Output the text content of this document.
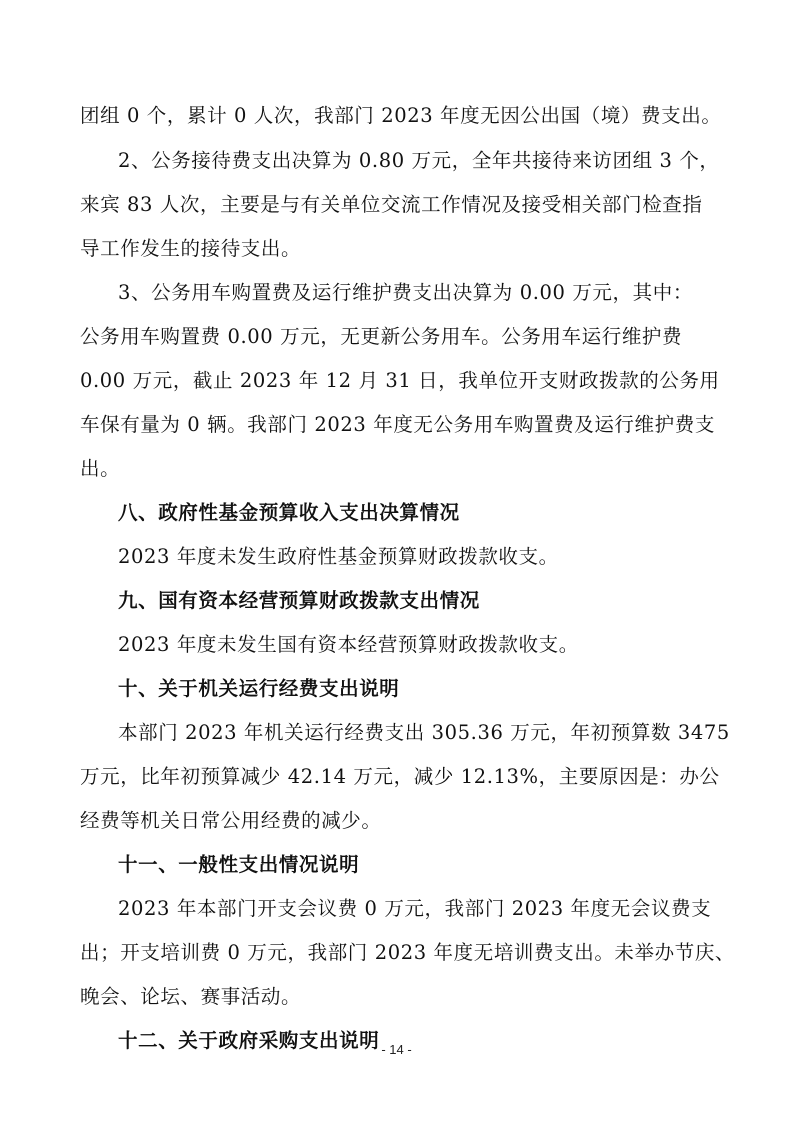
团组 0 个，累计 0 人次，我部门 2023 年度无因公出国（境）费支出。
2、公务接待费支出决算为 0.80 万元，全年共接待来访团组 3 个，
来宾 83 人次，主要是与有关单位交流工作情况及接受相关部门检查指
导工作发生的接待支出。
3、公务用车购置费及运行维护费支出决算为 0.00 万元，其中：
公务用车购置费 0.00 万元，无更新公务用车。公务用车运行维护费
0.00 万元，截止 2023 年 12 月 31 日，我单位开支财政拨款的公务用
车保有量为 0 辆。我部门 2023 年度无公务用车购置费及运行维护费支
出。
八、政府性基金预算收入支出决算情况
2023 年度未发生政府性基金预算财政拨款收支。
九、国有资本经营预算财政拨款支出情况
2023 年度未发生国有资本经营预算财政拨款收支。
十、关于机关运行经费支出说明
本部门 2023 年机关运行经费支出 305.36 万元，年初预算数 3475
万元，比年初预算减少 42.14 万元，减少 12.13%，主要原因是：办公
经费等机关日常公用经费的减少。
十一、一般性支出情况说明
2023 年本部门开支会议费 0 万元，我部门 2023 年度无会议费支
出；开支培训费 0 万元，我部门 2023 年度无培训费支出。未举办节庆、
晚会、论坛、赛事活动。
十二、关于政府采购支出说明 - 14 -
